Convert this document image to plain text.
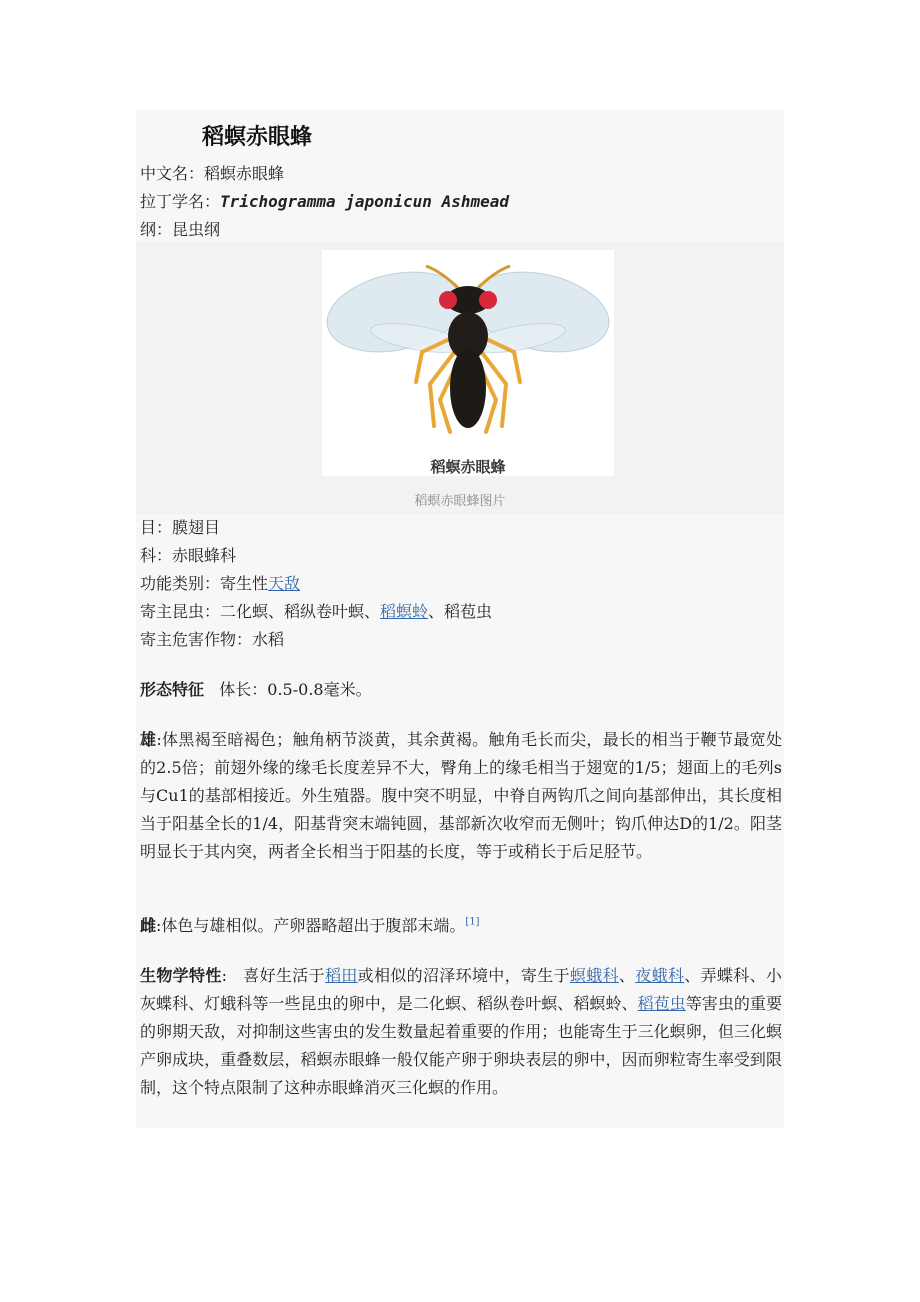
稻螟赤眼蜂
中文名：稻螟赤眼蜂
拉丁学名：Trichogramma japonicun Ashmead
纲：昆虫纲
稻螟赤眼蜂
稻螟赤眼蜂图片
目：膜翅目
科：赤眼蜂科
功能类别：寄生性天敌
寄主昆虫：二化螟、稻纵卷叶螟、稻螟蛉、稻苞虫
寄主危害作物：水稻
形态特征 体长：0.5-0.8毫米。
雄:体黑褐至暗褐色；触角柄节淡黄，其余黄褐。触角毛长而尖，最长的相当于鞭节最宽处的2.5倍；前翅外缘的缘毛长度差异不大，臀角上的缘毛相当于翅宽的1/5；翅面上的毛列s与Cu1的基部相接近。外生殖器。腹中突不明显，中脊自两钩爪之间向基部伸出，其长度相当于阳基全长的1/4，阳基背突末端钝圆，基部新次收窄而无侧叶；钩爪伸达D的1/2。阳茎明显长于其内突，两者全长相当于阳基的长度，等于或稍长于后足胫节。
雌:体色与雄相似。产卵器略超出于腹部末端。[1]
生物学特性: 喜好生活于稻田或相似的沼泽环境中，寄生于螟蛾科、夜蛾科、弄蝶科、小灰蝶科、灯蛾科等一些昆虫的卵中，是二化螟、稻纵卷叶螟、稻螟蛉、稻苞虫等害虫的重要的卵期天敌，对抑制这些害虫的发生数量起着重要的作用；也能寄生于三化螟卵，但三化螟产卵成块，重叠数层，稻螟赤眼蜂一般仅能产卵于卵块表层的卵中，因而卵粒寄生率受到限制，这个特点限制了这种赤眼蜂消灭三化螟的作用。
